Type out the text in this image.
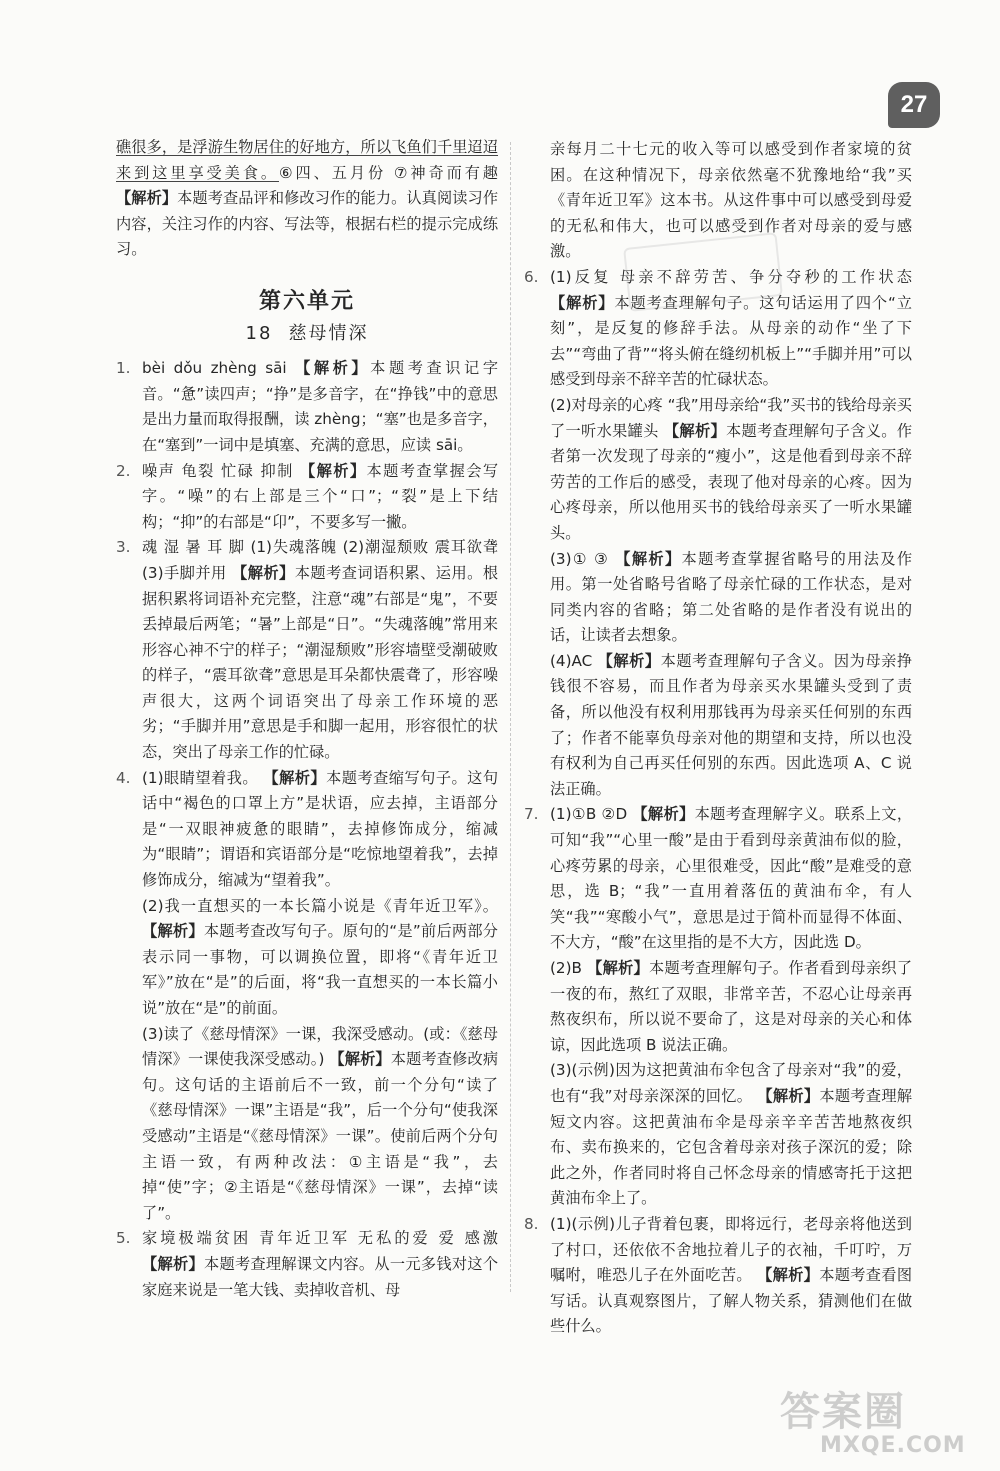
27

礁很多，是浮游生物居住的好地方，所以飞鱼们千里迢迢来到这里享受美食。⑥四、五月份 ⑦神奇而有趣 【解析】本题考查品评和修改习作的能力。认真阅读习作内容，关注习作的内容、写法等，根据右栏的提示完成练习。

第六单元
18 慈母情深
1. bèi dǒu zhèng sāi 【解析】本题考查识记字音。“惫”读四声；“挣”是多音字，在“挣钱”中的意思是出力量而取得报酬，读 zhèng；“塞”也是多音字，在“塞到”一词中是填塞、充满的意思，应读 sāi。
2. 噪声 龟裂 忙碌 抑制 【解析】本题考查掌握会写字。“噪”的右上部是三个“口”；“裂”是上下结构；“抑”的右部是“卬”，不要多写一撇。
3. 魂 湿 暑 耳 脚 (1)失魂落魄 (2)潮湿颓败 震耳欲聋 (3)手脚并用 【解析】本题考查词语积累、运用。根据积累将词语补充完整，注意“魂”右部是“鬼”，不要丢掉最后两笔；“暑”上部是“日”。“失魂落魄”常用来形容心神不宁的样子；“潮湿颓败”形容墙壁受潮破败的样子，“震耳欲聋”意思是耳朵都快震聋了，形容噪声很大，这两个词语突出了母亲工作环境的恶劣；“手脚并用”意思是手和脚一起用，形容很忙的状态，突出了母亲工作的忙碌。
4. (1)眼睛望着我。 【解析】本题考查缩写句子。这句话中“褐色的口罩上方”是状语，应去掉，主语部分是“一双眼神疲惫的眼睛”，去掉修饰成分，缩减为“眼睛”；谓语和宾语部分是“吃惊地望着我”，去掉修饰成分，缩减为“望着我”。
(2)我一直想买的一本长篇小说是《青年近卫军》。 【解析】本题考查改写句子。原句的“是”前后两部分表示同一事物，可以调换位置，即将“《青年近卫军》”放在“是”的后面，将“我一直想买的一本长篇小说”放在“是”的前面。
(3)读了《慈母情深》一课，我深受感动。(或：《慈母情深》一课使我深受感动。) 【解析】本题考查修改病句。这句话的主语前后不一致，前一个分句“读了《慈母情深》一课”主语是“我”，后一个分句“使我深受感动”主语是“《慈母情深》一课”。使前后两个分句主语一致，有两种改法：①主语是“我”，去掉“使”字；②主语是“《慈母情深》一课”，去掉“读了”。
5. 家境极端贫困 青年近卫军 无私的爱 爱 感激 【解析】本题考查理解课文内容。从一元多钱对这个家庭来说是一笔大钱、卖掉收音机、母

亲每月二十七元的收入等可以感受到作者家境的贫困。在这种情况下，母亲依然毫不犹豫地给“我”买《青年近卫军》这本书。从这件事中可以感受到母爱的无私和伟大，也可以感受到作者对母亲的爱与感激。

6. (1)反复 母亲不辞劳苦、争分夺秒的工作状态 【解析】本题考查理解句子。这句话运用了四个“立刻”，是反复的修辞手法。从母亲的动作“坐了下去”“弯曲了背”“将头俯在缝纫机板上”“手脚并用”可以感受到母亲不辞辛苦的忙碌状态。
(2)对母亲的心疼 “我”用母亲给“我”买书的钱给母亲买了一听水果罐头 【解析】本题考查理解句子含义。作者第一次发现了母亲的“瘦小”，这是他看到母亲不辞劳苦的工作后的感受，表现了他对母亲的心疼。因为心疼母亲，所以他用买书的钱给母亲买了一听水果罐头。
(3)① ③ 【解析】本题考查掌握省略号的用法及作用。第一处省略号省略了母亲忙碌的工作状态，是对同类内容的省略；第二处省略的是作者没有说出的话，让读者去想象。
(4)AC 【解析】本题考查理解句子含义。因为母亲挣钱很不容易，而且作者为母亲买水果罐头受到了责备，所以他没有权利用那钱再为母亲买任何别的东西了；作者不能辜负母亲对他的期望和支持，所以也没有权利为自己再买任何别的东西。因此选项 A、C 说法正确。
7. (1)①B ②D 【解析】本题考查理解字义。联系上文，可知“我”“心里一酸”是由于看到母亲黄油布似的脸，心疼劳累的母亲，心里很难受，因此“酸”是难受的意思，选 B；“我”一直用着落伍的黄油布伞，有人笑“我”“寒酸小气”，意思是过于简朴而显得不体面、不大方，“酸”在这里指的是不大方，因此选 D。
(2)B 【解析】本题考查理解句子。作者看到母亲织了一夜的布，熬红了双眼，非常辛苦，不忍心让母亲再熬夜织布，所以说不要命了，这是对母亲的关心和体谅，因此选项 B 说法正确。
(3)(示例)因为这把黄油布伞包含了母亲对“我”的爱，也有“我”对母亲深深的回忆。 【解析】本题考查理解短文内容。这把黄油布伞是母亲辛辛苦苦地熬夜织布、卖布换来的，它包含着母亲对孩子深沉的爱；除此之外，作者同时将自己怀念母亲的情感寄托于这把黄油布伞上了。
8. (1)(示例)儿子背着包裹，即将远行，老母亲将他送到了村口，还依依不舍地拉着儿子的衣袖，千叮咛，万嘱咐，唯恐儿子在外面吃苦。 【解析】本题考查看图写话。认真观察图片，了解人物关系，猜测他们在做些什么。
答案圈
MXQE.COM
